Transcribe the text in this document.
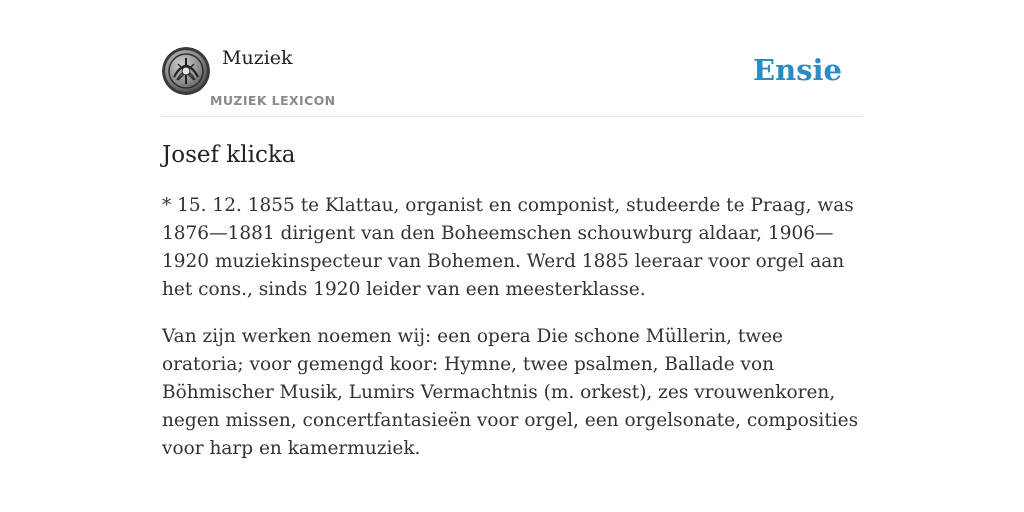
Muziek
MUZIEK LEXICON
Ensie
Josef klicka

* 15. 12. 1855 te Klattau, organist en componist, studeerde te Praag, was 1876—1881 dirigent van den Boheemschen schouwburg aldaar, 1906—1920 muziekinspecteur van Bohemen. Werd 1885 leeraar voor orgel aan het cons., sinds 1920 leider van een meesterklasse.

Van zijn werken noemen wij: een opera Die schone Müllerin, twee oratoria; voor gemengd koor: Hymne, twee psalmen, Ballade von Böhmischer Musik, Lumirs Vermachtnis (m. orkest), zes vrouwenkoren, negen missen, concertfantasieën voor orgel, een orgelsonate, composities voor harp en kamermuziek.
